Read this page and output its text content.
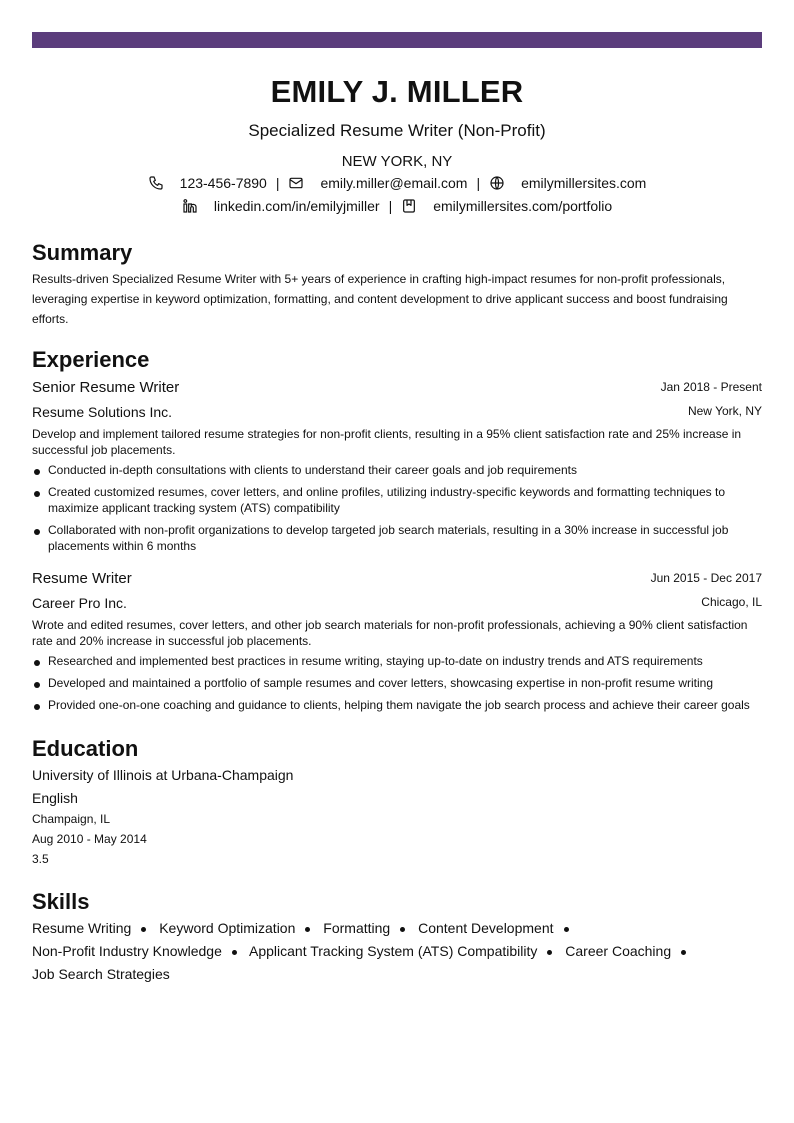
EMILY J. MILLER
Specialized Resume Writer (Non-Profit)
NEW YORK, NY
123-456-7890 |	emily.miller@email.com |	emilymillersites.com
linkedin.com/in/emilyjmiller |	emilymillersites.com/portfolio
Summary
Results-driven Specialized Resume Writer with 5+ years of experience in crafting high-impact resumes for non-profit professionals, leveraging expertise in keyword optimization, formatting, and content development to drive applicant success and boost fundraising efforts.
Experience
Senior Resume Writer	Jan 2018 - Present
Resume Solutions Inc.	New York, NY
Develop and implement tailored resume strategies for non-profit clients, resulting in a 95% client satisfaction rate and 25% increase in successful job placements.
Conducted in-depth consultations with clients to understand their career goals and job requirements
Created customized resumes, cover letters, and online profiles, utilizing industry-specific keywords and formatting techniques to maximize applicant tracking system (ATS) compatibility
Collaborated with non-profit organizations to develop targeted job search materials, resulting in a 30% increase in successful job placements within 6 months
Resume Writer	Jun 2015 - Dec 2017
Career Pro Inc.	Chicago, IL
Wrote and edited resumes, cover letters, and other job search materials for non-profit professionals, achieving a 90% client satisfaction rate and 20% increase in successful job placements.
Researched and implemented best practices in resume writing, staying up-to-date on industry trends and ATS requirements
Developed and maintained a portfolio of sample resumes and cover letters, showcasing expertise in non-profit resume writing
Provided one-on-one coaching and guidance to clients, helping them navigate the job search process and achieve their career goals
Education
University of Illinois at Urbana-Champaign
English
Champaign, IL
Aug 2010 - May 2014
3.5
Skills
Resume Writing Keyword Optimization Formatting Content Development
Non-Profit Industry Knowledge Applicant Tracking System (ATS) Compatibility Career Coaching
Job Search Strategies
